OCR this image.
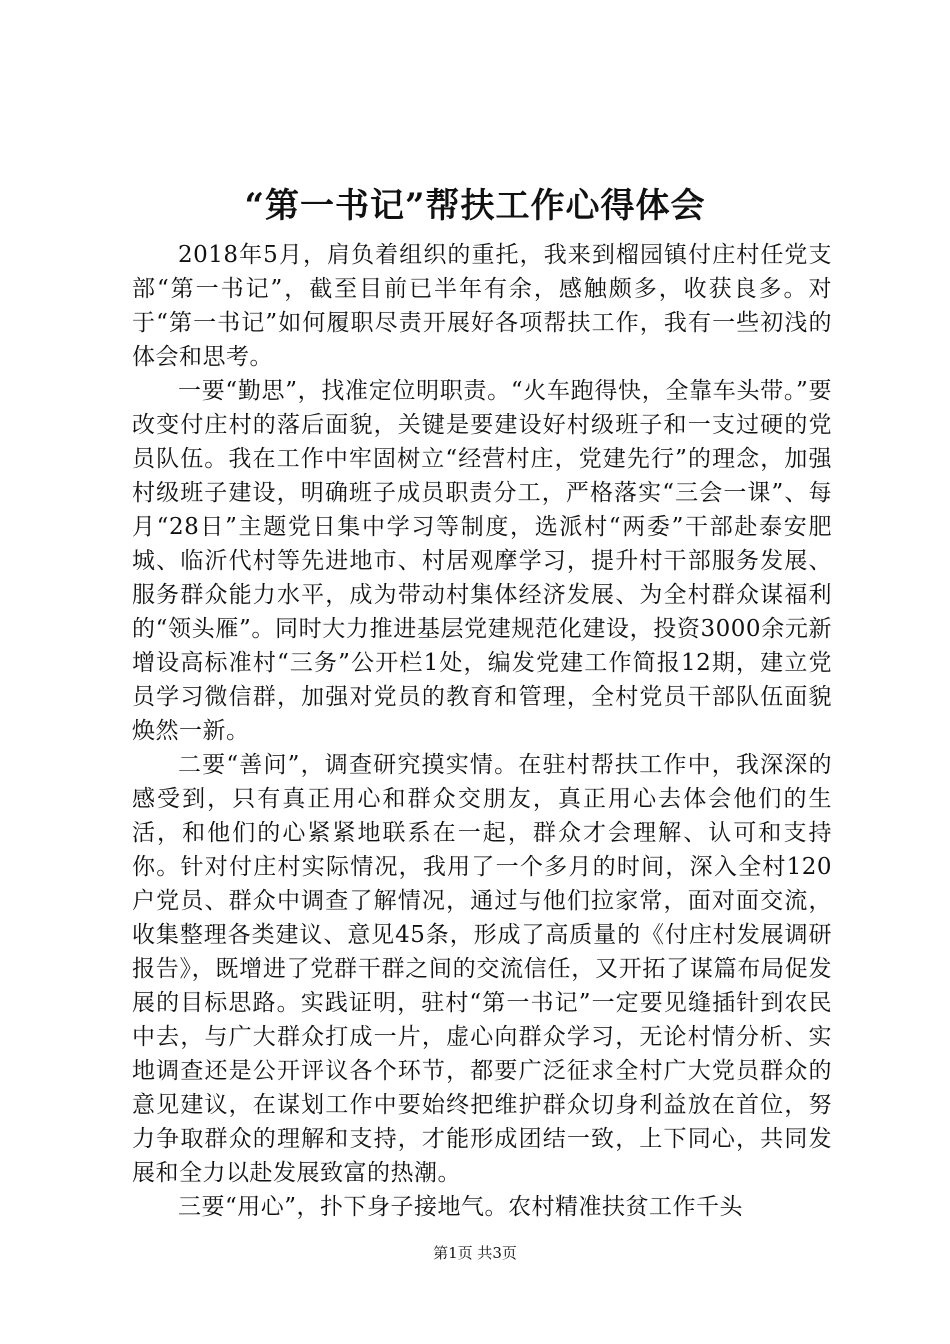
“第一书记”帮扶工作心得体会

2018年5月，肩负着组织的重托，我来到榴园镇付庄村任党支部“第一书记”，截至目前已半年有余，感触颇多，收获良多。对于“第一书记”如何履职尽责开展好各项帮扶工作，我有一些初浅的体会和思考。

一要“勤思”，找准定位明职责。“火车跑得快，全靠车头带。”要改变付庄村的落后面貌，关键是要建设好村级班子和一支过硬的党员队伍。我在工作中牢固树立“经营村庄，党建先行”的理念，加强村级班子建设，明确班子成员职责分工，严格落实“三会一课”、每月“28日”主题党日集中学习等制度，选派村“两委”干部赴泰安肥城、临沂代村等先进地市、村居观摩学习，提升村干部服务发展、服务群众能力水平，成为带动村集体经济发展、为全村群众谋福利的“领头雁”。同时大力推进基层党建规范化建设，投资3000余元新增设高标准村“三务”公开栏1处，编发党建工作简报12期，建立党员学习微信群，加强对党员的教育和管理，全村党员干部队伍面貌焕然一新。

二要“善问”，调查研究摸实情。在驻村帮扶工作中，我深深的感受到，只有真正用心和群众交朋友，真正用心去体会他们的生活，和他们的心紧紧地联系在一起，群众才会理解、认可和支持你。针对付庄村实际情况，我用了一个多月的时间，深入全村120户党员、群众中调查了解情况，通过与他们拉家常，面对面交流，收集整理各类建议、意见45条，形成了高质量的《付庄村发展调研报告》，既增进了党群干群之间的交流信任，又开拓了谋篇布局促发展的目标思路。实践证明，驻村“第一书记”一定要见缝插针到农民中去，与广大群众打成一片，虚心向群众学习，无论村情分析、实地调查还是公开评议各个环节，都要广泛征求全村广大党员群众的意见建议，在谋划工作中要始终把维护群众切身利益放在首位，努力争取群众的理解和支持，才能形成团结一致，上下同心，共同发展和全力以赴发展致富的热潮。

三要“用心”，扑下身子接地气。农村精准扶贫工作千头

第1页 共3页
